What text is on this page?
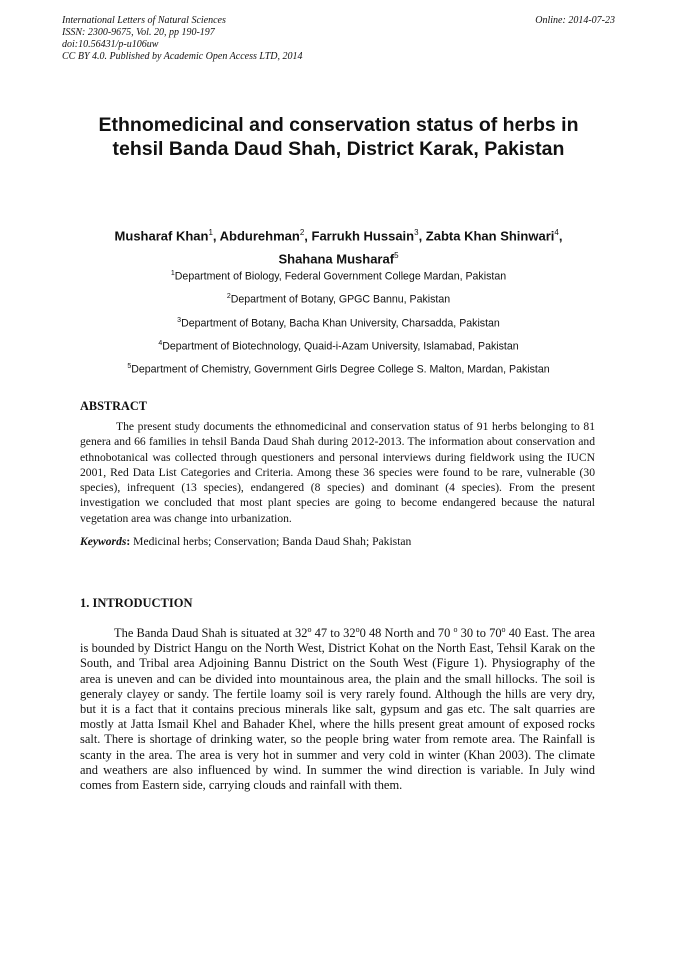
International Letters of Natural Sciences
ISSN: 2300-9675, Vol. 20, pp 190-197
doi:10.56431/p-u106uw
CC BY 4.0. Published by Academic Open Access LTD, 2014
Online: 2014-07-23
Ethnomedicinal and conservation status of herbs in
tehsil Banda Daud Shah, District Karak, Pakistan
Musharaf Khan$^1$, Abdurehman$^2$, Farrukh Hussain$^3$, Zabta Khan Shinwari$^4$,
Shahana Musharaf$^5$
$^1$Department of Biology, Federal Government College Mardan, Pakistan
$^2$Department of Botany, GPGC Bannu, Pakistan
$^3$Department of Botany, Bacha Khan University, Charsadda, Pakistan
$^4$Department of Biotechnology, Quaid-i-Azam University, Islamabad, Pakistan
$^5$Department of Chemistry, Government Girls Degree College S. Malton, Mardan, Pakistan
ABSTRACT

The present study documents the ethnomedicinal and conservation status of 91 herbs belonging to 81 genera and 66 families in tehsil Banda Daud Shah during 2012-2013. The information about conservation and ethnobotanical was collected through questioners and personal interviews during fieldwork using the IUCN 2001, Red Data List Categories and Criteria. Among these 36 species were found to be rare, vulnerable (30 species), infrequent (13 species), endangered (8 species) and dominant (4 species). From the present investigation we concluded that most plant species are going to become endangered because the natural vegetation area was change into urbanization.

Keywords: Medicinal herbs; Conservation; Banda Daud Shah; Pakistan
1. INTRODUCTION

The Banda Daud Shah is situated at 32$^o$ 47 to 32$^o$0 48 North and 70 $^o$ 30 to 70$^o$ 40 East. The area is bounded by District Hangu on the North West, District Kohat on the North East, Tehsil Karak on the South, and Tribal area Adjoining Bannu District on the South West (Figure 1). Physiography of the area is uneven and can be divided into mountainous area, the plain and the small hillocks. The soil is generaly clayey or sandy. The fertile loamy soil is very rarely found. Although the hills are very dry, but it is a fact that it contains precious minerals like salt, gypsum and gas etc. The salt quarries are mostly at Jatta Ismail Khel and Bahader Khel, where the hills present great amount of exposed rocks salt. There is shortage of drinking water, so the people bring water from remote area. The Rainfall is scanty in the area. The area is very hot in summer and very cold in winter (Khan 2003). The climate and weathers are also influenced by wind. In summer the wind direction is variable. In July wind comes from Eastern side, carrying clouds and rainfall with them.
